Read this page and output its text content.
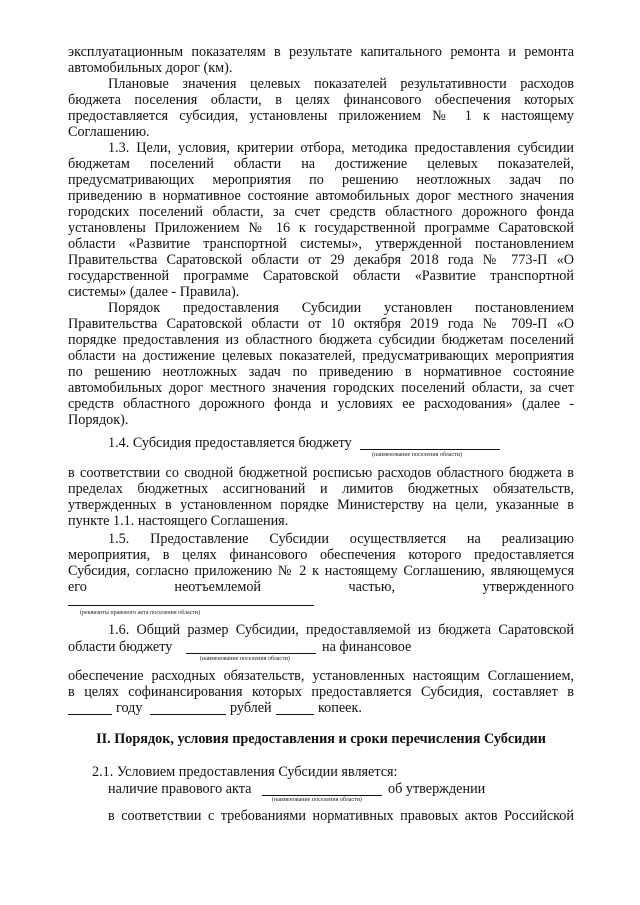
эксплуатационным показателям в результате капитального ремонта и ремонта
автомобильных дорог (км).
Плановые значения целевых показателей результативности расходов
бюджета поселения области, в целях финансового обеспечения которых
предоставляется субсидия, установлены приложением № 1 к настоящему
Соглашению.
1.3. Цели, условия, критерии отбора, методика предоставления субсидии
бюджетам поселений области на достижение целевых показателей,
предусматривающих мероприятия по решению неотложных задач по
приведению в нормативное состояние автомобильных дорог местного значения
городских поселений области, за счет средств областного дорожного фонда
установлены Приложением № 16 к государственной программе Саратовской
области «Развитие транспортной системы», утвержденной постановлением
Правительства Саратовской области от 29 декабря 2018 года № 773-П «О
государственной программе Саратовской области «Развитие транспортной
системы» (далее - Правила).
Порядок предоставления Субсидии установлен постановлением
Правительства Саратовской области от 10 октября 2019 года № 709-П «О
порядке предоставления из областного бюджета субсидии бюджетам поселений
области на достижение целевых показателей, предусматривающих мероприятия
по решению неотложных задач по приведению в нормативное состояние
автомобильных дорог местного значения городских поселений области, за счет
средств областного дорожного фонда и условиях ее расходования» (далее -
Порядок).
1.4. Субсидия предоставляется бюджету
(наименование поселения области)
в соответствии со сводной бюджетной росписью расходов областного бюджета в
пределах бюджетных ассигнований и лимитов бюджетных обязательств,
утвержденных в установленном порядке Министерству на цели, указанные в
пункте 1.1. настоящего Соглашения.
1.5. Предоставление Субсидии осуществляется на реализацию
мероприятия, в целях финансового обеспечения которого предоставляется
Субсидия, согласно приложению № 2 к настоящему Соглашению, являющемуся
его неотъемлемой частью, утвержденного
(реквизиты правового акта поселения области)
1.6. Общий размер Субсидии, предоставляемой из бюджета Саратовской
области бюджету	на финансовое
(наименование поселения области)
обеспечение расходных обязательств, установленных настоящим Соглашением,
в целях софинансирования которых предоставляется Субсидия, составляет в
году	рублей	копеек.
II. Порядок, условия предоставления и сроки перечисления Субсидии
2.1. Условием предоставления Субсидии является:
наличие правового акта	об утверждении
(наименование поселения области)
в соответствии с требованиями нормативных правовых актов Российской
